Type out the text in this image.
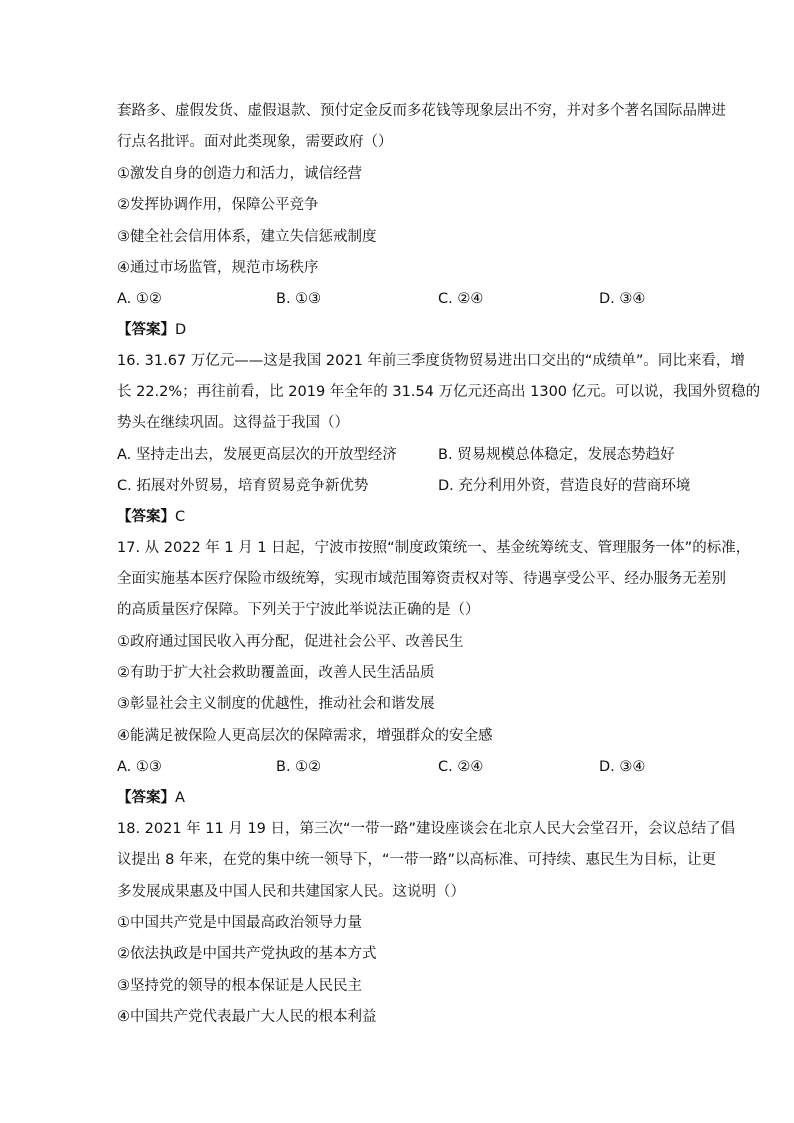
套路多、虚假发货、虚假退款、预付定金反而多花钱等现象层出不穷，并对多个著名国际品牌进
行点名批评。面对此类现象，需要政府（）
①激发自身的创造力和活力，诚信经营
②发挥协调作用，保障公平竞争
③健全社会信用体系，建立失信惩戒制度
④通过市场监管，规范市场秩序
A. ①②	B. ①③	C. ②④	D. ③④
【答案】D
16. 31.67 万亿元——这是我国 2021 年前三季度货物贸易进出口交出的“成绩单”。同比来看，增
长 22.2%；再往前看，比 2019 年全年的 31.54 万亿元还高出 1300 亿元。可以说，我国外贸稳的
势头在继续巩固。这得益于我国（）
A. 坚持走出去，发展更高层次的开放型经济	B. 贸易规模总体稳定，发展态势趋好
C. 拓展对外贸易，培育贸易竞争新优势	D. 充分利用外资，营造良好的营商环境
【答案】C
17. 从 2022 年 1 月 1 日起，宁波市按照“制度政策统一、基金统筹统支、管理服务一体”的标准，
全面实施基本医疗保险市级统筹，实现市域范围筹资责权对等、待遇享受公平、经办服务无差别
的高质量医疗保障。下列关于宁波此举说法正确的是（）
①政府通过国民收入再分配，促进社会公平、改善民生
②有助于扩大社会救助覆盖面，改善人民生活品质
③彰显社会主义制度的优越性，推动社会和谐发展
④能满足被保险人更高层次的保障需求，增强群众的安全感
A. ①③	B. ①②	C. ②④	D. ③④
【答案】A
18. 2021 年 11 月 19 日，第三次“一带一路”建设座谈会在北京人民大会堂召开，会议总结了倡
议提出 8 年来，在党的集中统一领导下，“一带一路”以高标准、可持续、惠民生为目标，让更
多发展成果惠及中国人民和共建国家人民。这说明（）
①中国共产党是中国最高政治领导力量
②依法执政是中国共产党执政的基本方式
③坚持党的领导的根本保证是人民民主
④中国共产党代表最广大人民的根本利益
